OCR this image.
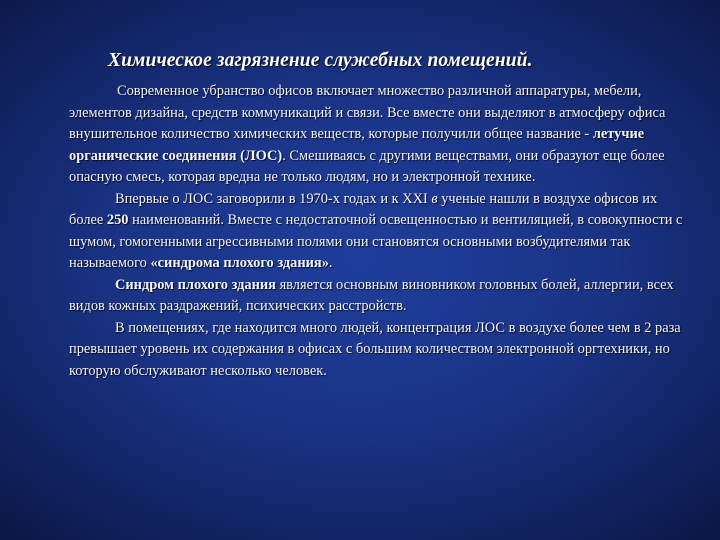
Химическое загрязнение служебных помещений.

Современное убранство офисов включает множество различной аппаратуры, мебели, элементов дизайна, средств коммуникаций и связи. Все вместе они выделяют в атмосферу офиса внушительное количество химических веществ, которые получили общее название - летучие органические соединения (ЛОС). Смешиваясь с другими веществами, они образуют еще более опасную смесь, которая вредна не только людям, но и электронной технике.

Впервые о ЛОС заговорили в 1970-х годах и к XXI в ученые нашли в воздухе офисов их более 250 наименований. Вместе с недостаточной освещенностью и вентиляцией, в совокупности с шумом, гомогенными агрессивными полями они становятся основными возбудителями так называемого «синдрома плохого здания».

Синдром плохого здания является основным виновником головных болей, аллергии, всех видов кожных раздражений, психических расстройств.

В помещениях, где находится много людей, концентрация ЛОС в воздухе более чем в 2 раза превышает уровень их содержания в офисах с большим количеством электронной оргтехники, но которую обслуживают несколько человек.
